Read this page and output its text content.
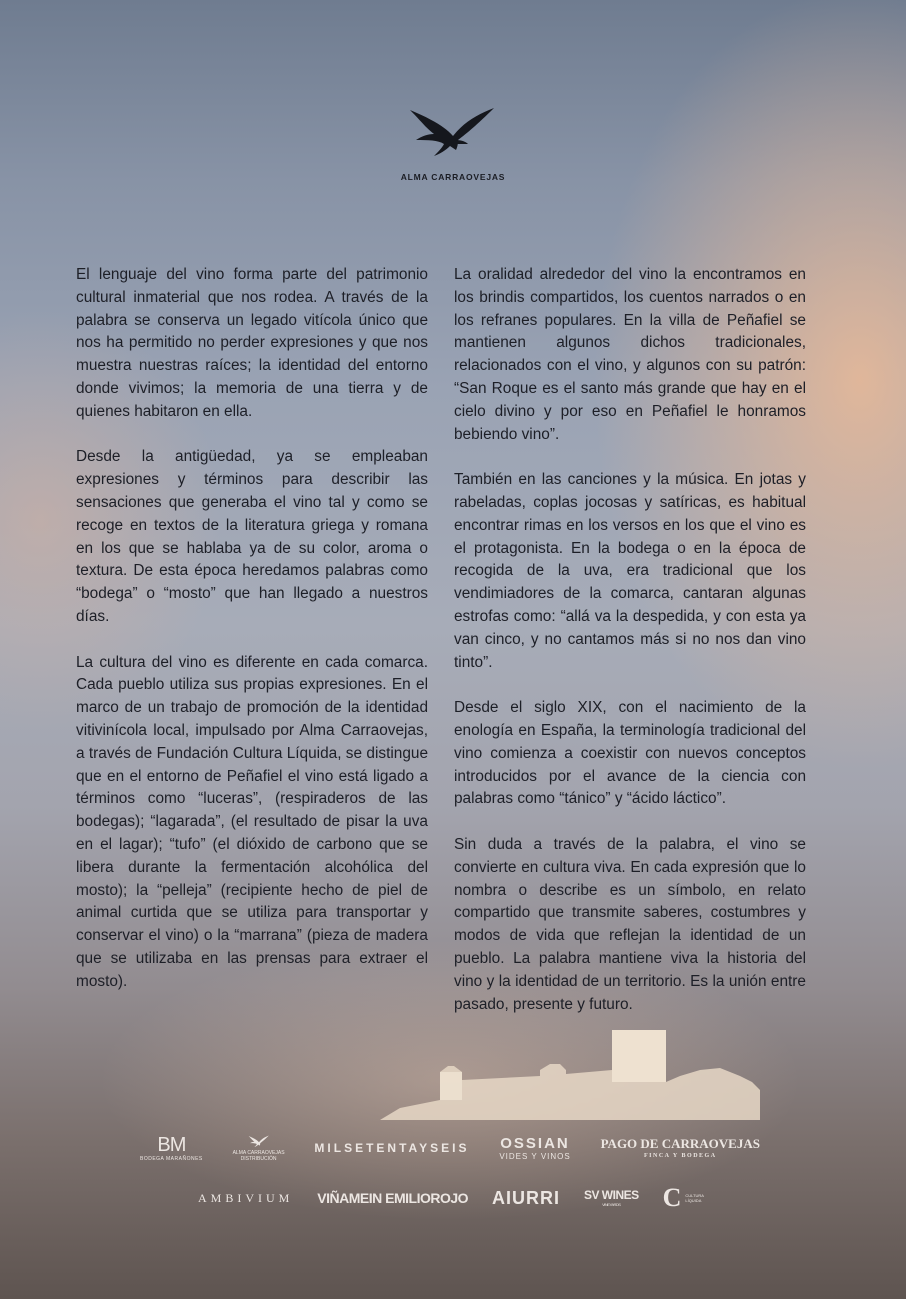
ALMA CARRAOVEJAS

El lenguaje del vino forma parte del patrimonio cultural inmaterial que nos rodea. A través de la palabra se conserva un legado vitícola único que nos ha permitido no perder expresiones y que nos muestra nuestras raíces; la identidad del entorno donde vivimos; la memoria de una tierra y de quienes habitaron en ella.

Desde la antigüedad, ya se empleaban expresiones y términos para describir las sensaciones que generaba el vino tal y como se recoge en textos de la literatura griega y romana en los que se hablaba ya de su color, aroma o textura. De esta época heredamos palabras como “bodega” o “mosto” que han llegado a nuestros días.

La cultura del vino es diferente en cada comarca. Cada pueblo utiliza sus propias expresiones. En el marco de un trabajo de promoción de la identidad vitivinícola local, impulsado por Alma Carraovejas, a través de Fundación Cultura Líquida, se distingue que en el entorno de Peñafiel el vino está ligado a términos como “luceras”, (respiraderos de las bodegas); “lagarada”, (el resultado de pisar la uva en el lagar); “tufo” (el dióxido de carbono que se libera durante la fermentación alcohólica del mosto); la “pelleja” (recipiente hecho de piel de animal curtida que se utiliza para transportar y conservar el vino) o la “marrana” (pieza de madera que se utilizaba en las prensas para extraer el mosto).

La oralidad alrededor del vino la encontramos en los brindis compartidos, los cuentos narrados o en los refranes populares. En la villa de Peñafiel se mantienen algunos dichos tradicionales, relacionados con el vino, y algunos con su patrón: “San Roque es el santo más grande que hay en el cielo divino y por eso en Peñafiel le honramos bebiendo vino”.

También en las canciones y la música. En jotas y rabeladas, coplas jocosas y satíricas, es habitual encontrar rimas en los versos en los que el vino es el protagonista. En la bodega o en la época de recogida de la uva, era tradicional que los vendimiadores de la comarca, cantaran algunas estrofas como: “allá va la despedida, y con esta ya van cinco, y no cantamos más si no nos dan vino tinto”.

Desde el siglo XIX, con el nacimiento de la enología en España, la terminología tradicional del vino comienza a coexistir con nuevos conceptos introducidos por el avance de la ciencia con palabras como “tánico” y “ácido láctico”.

Sin duda a través de la palabra, el vino se convierte en cultura viva. En cada expresión que lo nombra o describe es un símbolo, en relato compartido que transmite saberes, costumbres y modos de vida que reflejan la identidad de un pueblo. La palabra mantiene viva la historia del vino y la identidad de un territorio. Es la unión entre pasado, presente y futuro.

BM
BODEGA MARAÑONES
ALMA CARRAOVEJAS
DISTRIBUCIÓN
MILSETENTAYSEIS OSSIAN
VIDES Y VINOS
PAGO DE CARRAOVEJAS
FINCA Y BODEGA
AMBIVIUM VIÑAMEIN EMILIOROJO AIURRI SV WINES
VINEYARDS	C CULTURA
LÍQUIDA
